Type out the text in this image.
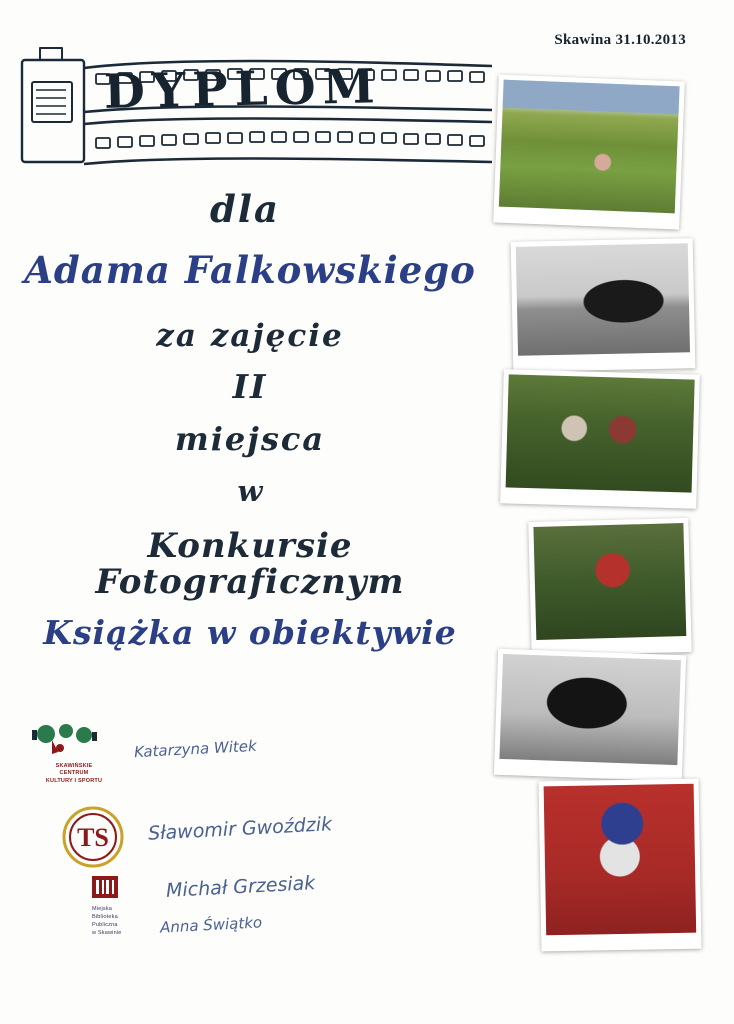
Skawina 31.10.2013
DYPLOM
dla
Adama Falkowskiego
za zajęcie
II
miejsca
w
Konkursie Fotograficznym
Książka w obiektywie
SKAWIŃSKIE
CENTRUM
KULTURY I SPORTU
TS
Miejska
Biblioteka
Publiczna
w Skawinie
Katarzyna Witek
Sławomir Gwoździk
Michał Grzesiak
Anna Świątko
